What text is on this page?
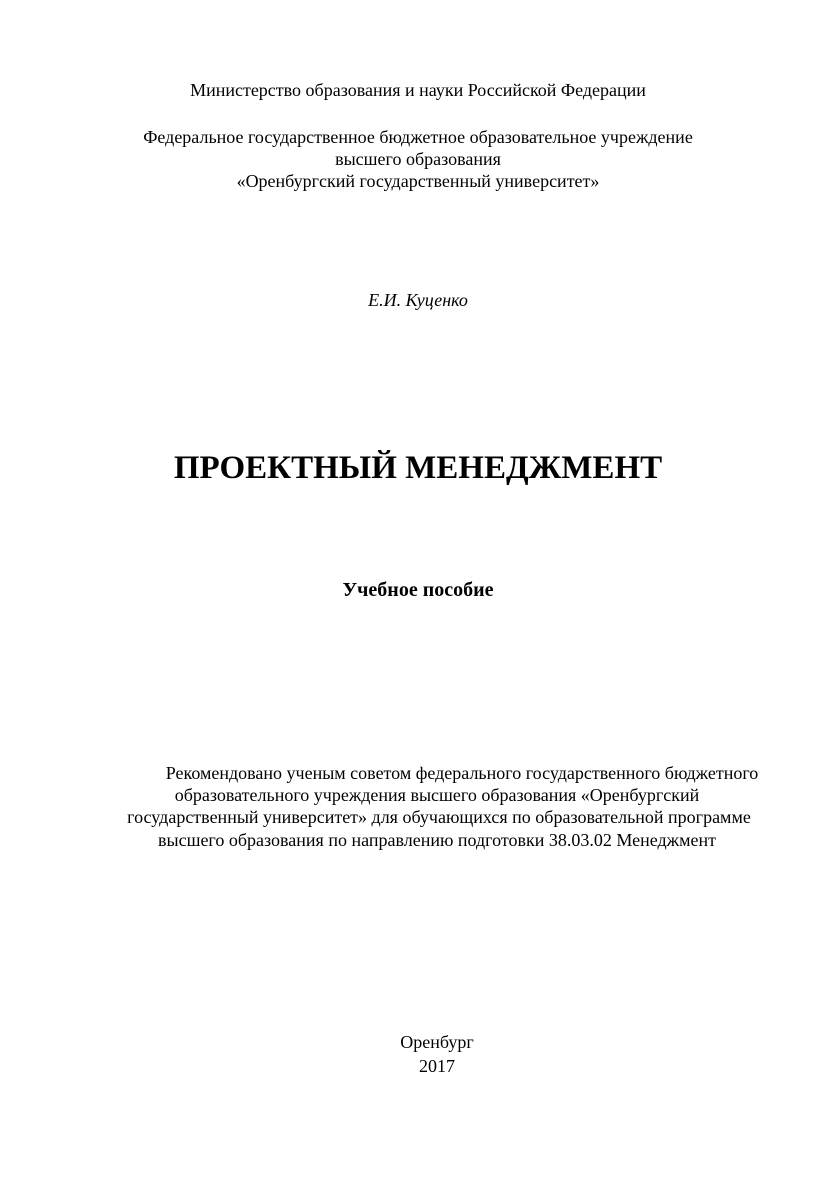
Министерство образования и науки Российской Федерации
Федеральное государственное бюджетное образовательное учреждение
высшего образования
«Оренбургский государственный университет»
Е.И. Куценко
ПРОЕКТНЫЙ МЕНЕДЖМЕНТ
Учебное пособие
Рекомендовано ученым советом федерального государственного бюджетного
образовательного учреждения высшего образования «Оренбургский
государственный университет» для обучающихся по образовательной программе
высшего образования по направлению подготовки 38.03.02 Менеджмент
Оренбург
2017
